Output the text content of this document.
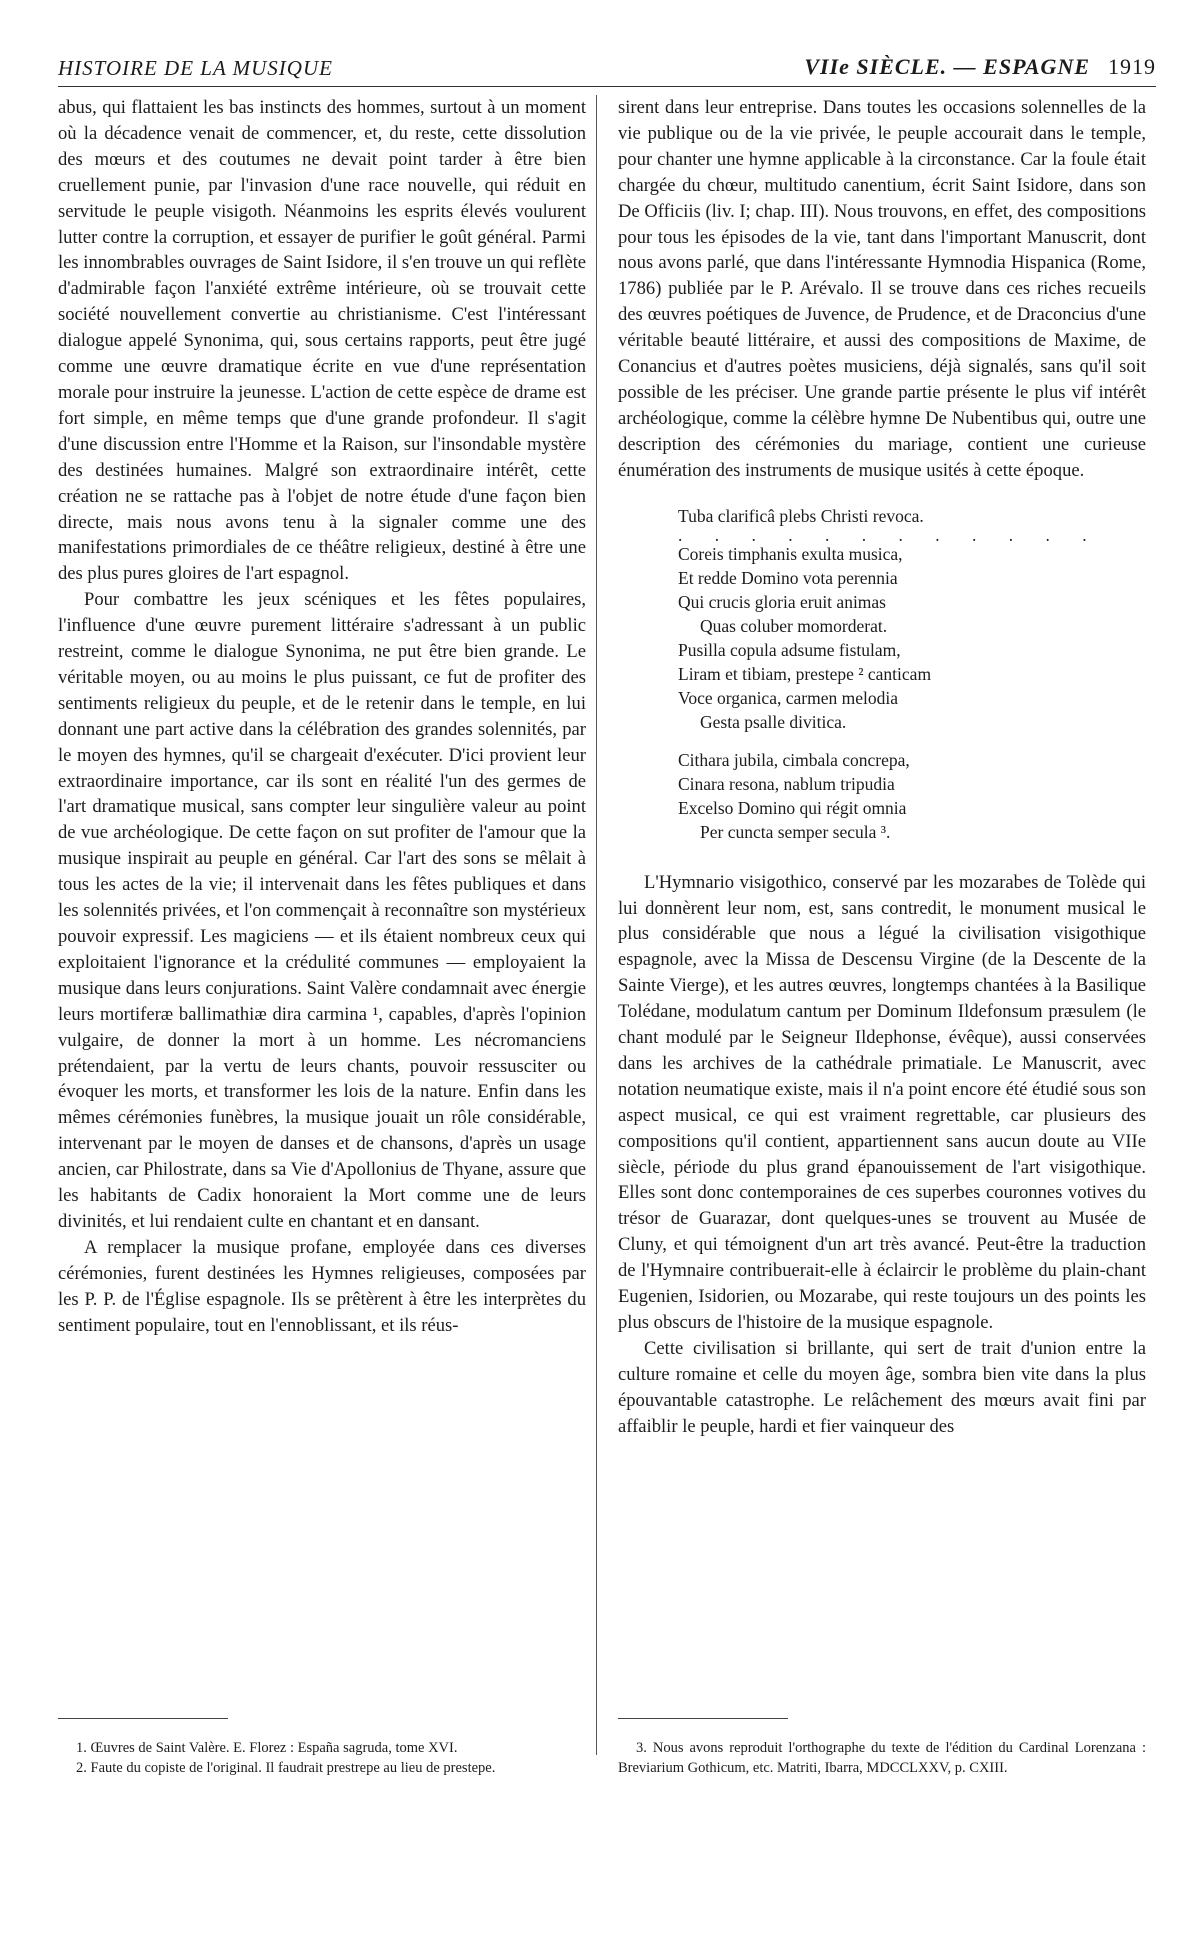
HISTOIRE DE LA MUSIQUE	VIIe SIÈCLE. — ESPAGNE 1919

abus, qui flattaient les bas instincts des hommes, surtout à un moment où la décadence venait de commencer, et, du reste, cette dissolution des mœurs et des coutumes ne devait point tarder à être bien cruellement punie, par l'invasion d'une race nouvelle, qui réduit en servitude le peuple visigoth. Néanmoins les esprits élevés voulurent lutter contre la corruption, et essayer de purifier le goût général. Parmi les innombrables ouvrages de Saint Isidore, il s'en trouve un qui reflète d'admirable façon l'anxiété extrême intérieure, où se trouvait cette société nouvellement convertie au christianisme. C'est l'intéressant dialogue appelé Synonima, qui, sous certains rapports, peut être jugé comme une œuvre dramatique écrite en vue d'une représentation morale pour instruire la jeunesse. L'action de cette espèce de drame est fort simple, en même temps que d'une grande profondeur. Il s'agit d'une discussion entre l'Homme et la Raison, sur l'insondable mystère des destinées humaines. Malgré son extraordinaire intérêt, cette création ne se rattache pas à l'objet de notre étude d'une façon bien directe, mais nous avons tenu à la signaler comme une des manifestations primordiales de ce théâtre religieux, destiné à être une des plus pures gloires de l'art espagnol.

Pour combattre les jeux scéniques et les fêtes populaires, l'influence d'une œuvre purement littéraire s'adressant à un public restreint, comme le dialogue Synonima, ne put être bien grande. Le véritable moyen, ou au moins le plus puissant, ce fut de profiter des sentiments religieux du peuple, et de le retenir dans le temple, en lui donnant une part active dans la célébration des grandes solennités, par le moyen des hymnes, qu'il se chargeait d'exécuter. D'ici provient leur extraordinaire importance, car ils sont en réalité l'un des germes de l'art dramatique musical, sans compter leur singulière valeur au point de vue archéologique. De cette façon on sut profiter de l'amour que la musique inspirait au peuple en général. Car l'art des sons se mêlait à tous les actes de la vie; il intervenait dans les fêtes publiques et dans les solennités privées, et l'on commençait à reconnaître son mystérieux pouvoir expressif. Les magiciens — et ils étaient nombreux ceux qui exploitaient l'ignorance et la crédulité communes — employaient la musique dans leurs conjurations. Saint Valère condamnait avec énergie leurs mortiferæ ballimathiæ dira carmina ¹, capables, d'après l'opinion vulgaire, de donner la mort à un homme. Les nécromanciens prétendaient, par la vertu de leurs chants, pouvoir ressusciter ou évoquer les morts, et transformer les lois de la nature. Enfin dans les mêmes cérémonies funèbres, la musique jouait un rôle considérable, intervenant par le moyen de danses et de chansons, d'après un usage ancien, car Philostrate, dans sa Vie d'Apollonius de Thyane, assure que les habitants de Cadix honoraient la Mort comme une de leurs divinités, et lui rendaient culte en chantant et en dansant.

A remplacer la musique profane, employée dans ces diverses cérémonies, furent destinées les Hymnes religieuses, composées par les P. P. de l'Église espagnole. Ils se prêtèrent à être les interprètes du sentiment populaire, tout en l'ennoblissant, et ils réus-

sirent dans leur entreprise. Dans toutes les occasions solennelles de la vie publique ou de la vie privée, le peuple accourait dans le temple, pour chanter une hymne applicable à la circonstance. Car la foule était chargée du chœur, multitudo canentium, écrit Saint Isidore, dans son De Officiis (liv. I; chap. III). Nous trouvons, en effet, des compositions pour tous les épisodes de la vie, tant dans l'important Manuscrit, dont nous avons parlé, que dans l'intéressante Hymnodia Hispanica (Rome, 1786) publiée par le P. Arévalo. Il se trouve dans ces riches recueils des œuvres poétiques de Juvence, de Prudence, et de Draconcius d'une véritable beauté littéraire, et aussi des compositions de Maxime, de Conancius et d'autres poètes musiciens, déjà signalés, sans qu'il soit possible de les préciser. Une grande partie présente le plus vif intérêt archéologique, comme la célèbre hymne De Nubentibus qui, outre une description des cérémonies du mariage, contient une curieuse énumération des instruments de musique usités à cette époque.

Tuba clarificâ plebs Christi revoca.
. . . . . . . . . . . .
Coreis timphanis exulta musica,
Et redde Domino vota perennia
Qui crucis gloria eruit animas
Quas coluber momorderat.
Pusilla copula adsume fistulam,
Liram et tibiam, prestepe ² canticam
Voce organica, carmen melodia
Gesta psalle divitica.
Cithara jubila, cimbala concrepa,
Cinara resona, nablum tripudia
Excelso Domino qui régit omnia
Per cuncta semper secula ³.

L'Hymnario visigothico, conservé par les mozarabes de Tolède qui lui donnèrent leur nom, est, sans contredit, le monument musical le plus considérable que nous a légué la civilisation visigothique espagnole, avec la Missa de Descensu Virgine (de la Descente de la Sainte Vierge), et les autres œuvres, longtemps chantées à la Basilique Tolédane, modulatum cantum per Dominum Ildefonsum præsulem (le chant modulé par le Seigneur Ildephonse, évêque), aussi conservées dans les archives de la cathédrale primatiale. Le Manuscrit, avec notation neumatique existe, mais il n'a point encore été étudié sous son aspect musical, ce qui est vraiment regrettable, car plusieurs des compositions qu'il contient, appartiennent sans aucun doute au VIIe siècle, période du plus grand épanouissement de l'art visigothique. Elles sont donc contemporaines de ces superbes couronnes votives du trésor de Guarazar, dont quelques-unes se trouvent au Musée de Cluny, et qui témoignent d'un art très avancé. Peut-être la traduction de l'Hymnaire contribuerait-elle à éclaircir le problème du plain-chant Eugenien, Isidorien, ou Mozarabe, qui reste toujours un des points les plus obscurs de l'histoire de la musique espagnole.

Cette civilisation si brillante, qui sert de trait d'union entre la culture romaine et celle du moyen âge, sombra bien vite dans la plus épouvantable catastrophe. Le relâchement des mœurs avait fini par affaiblir le peuple, hardi et fier vainqueur des

1. Œuvres de Saint Valère. E. Florez : España sagruda, tome XVI.

2. Faute du copiste de l'original. Il faudrait prestrepe au lieu de prestepe.

3. Nous avons reproduit l'orthographe du texte de l'édition du Cardinal Lorenzana : Breviarium Gothicum, etc. Matriti, Ibarra, MDCCLXXV, p. CXIII.
